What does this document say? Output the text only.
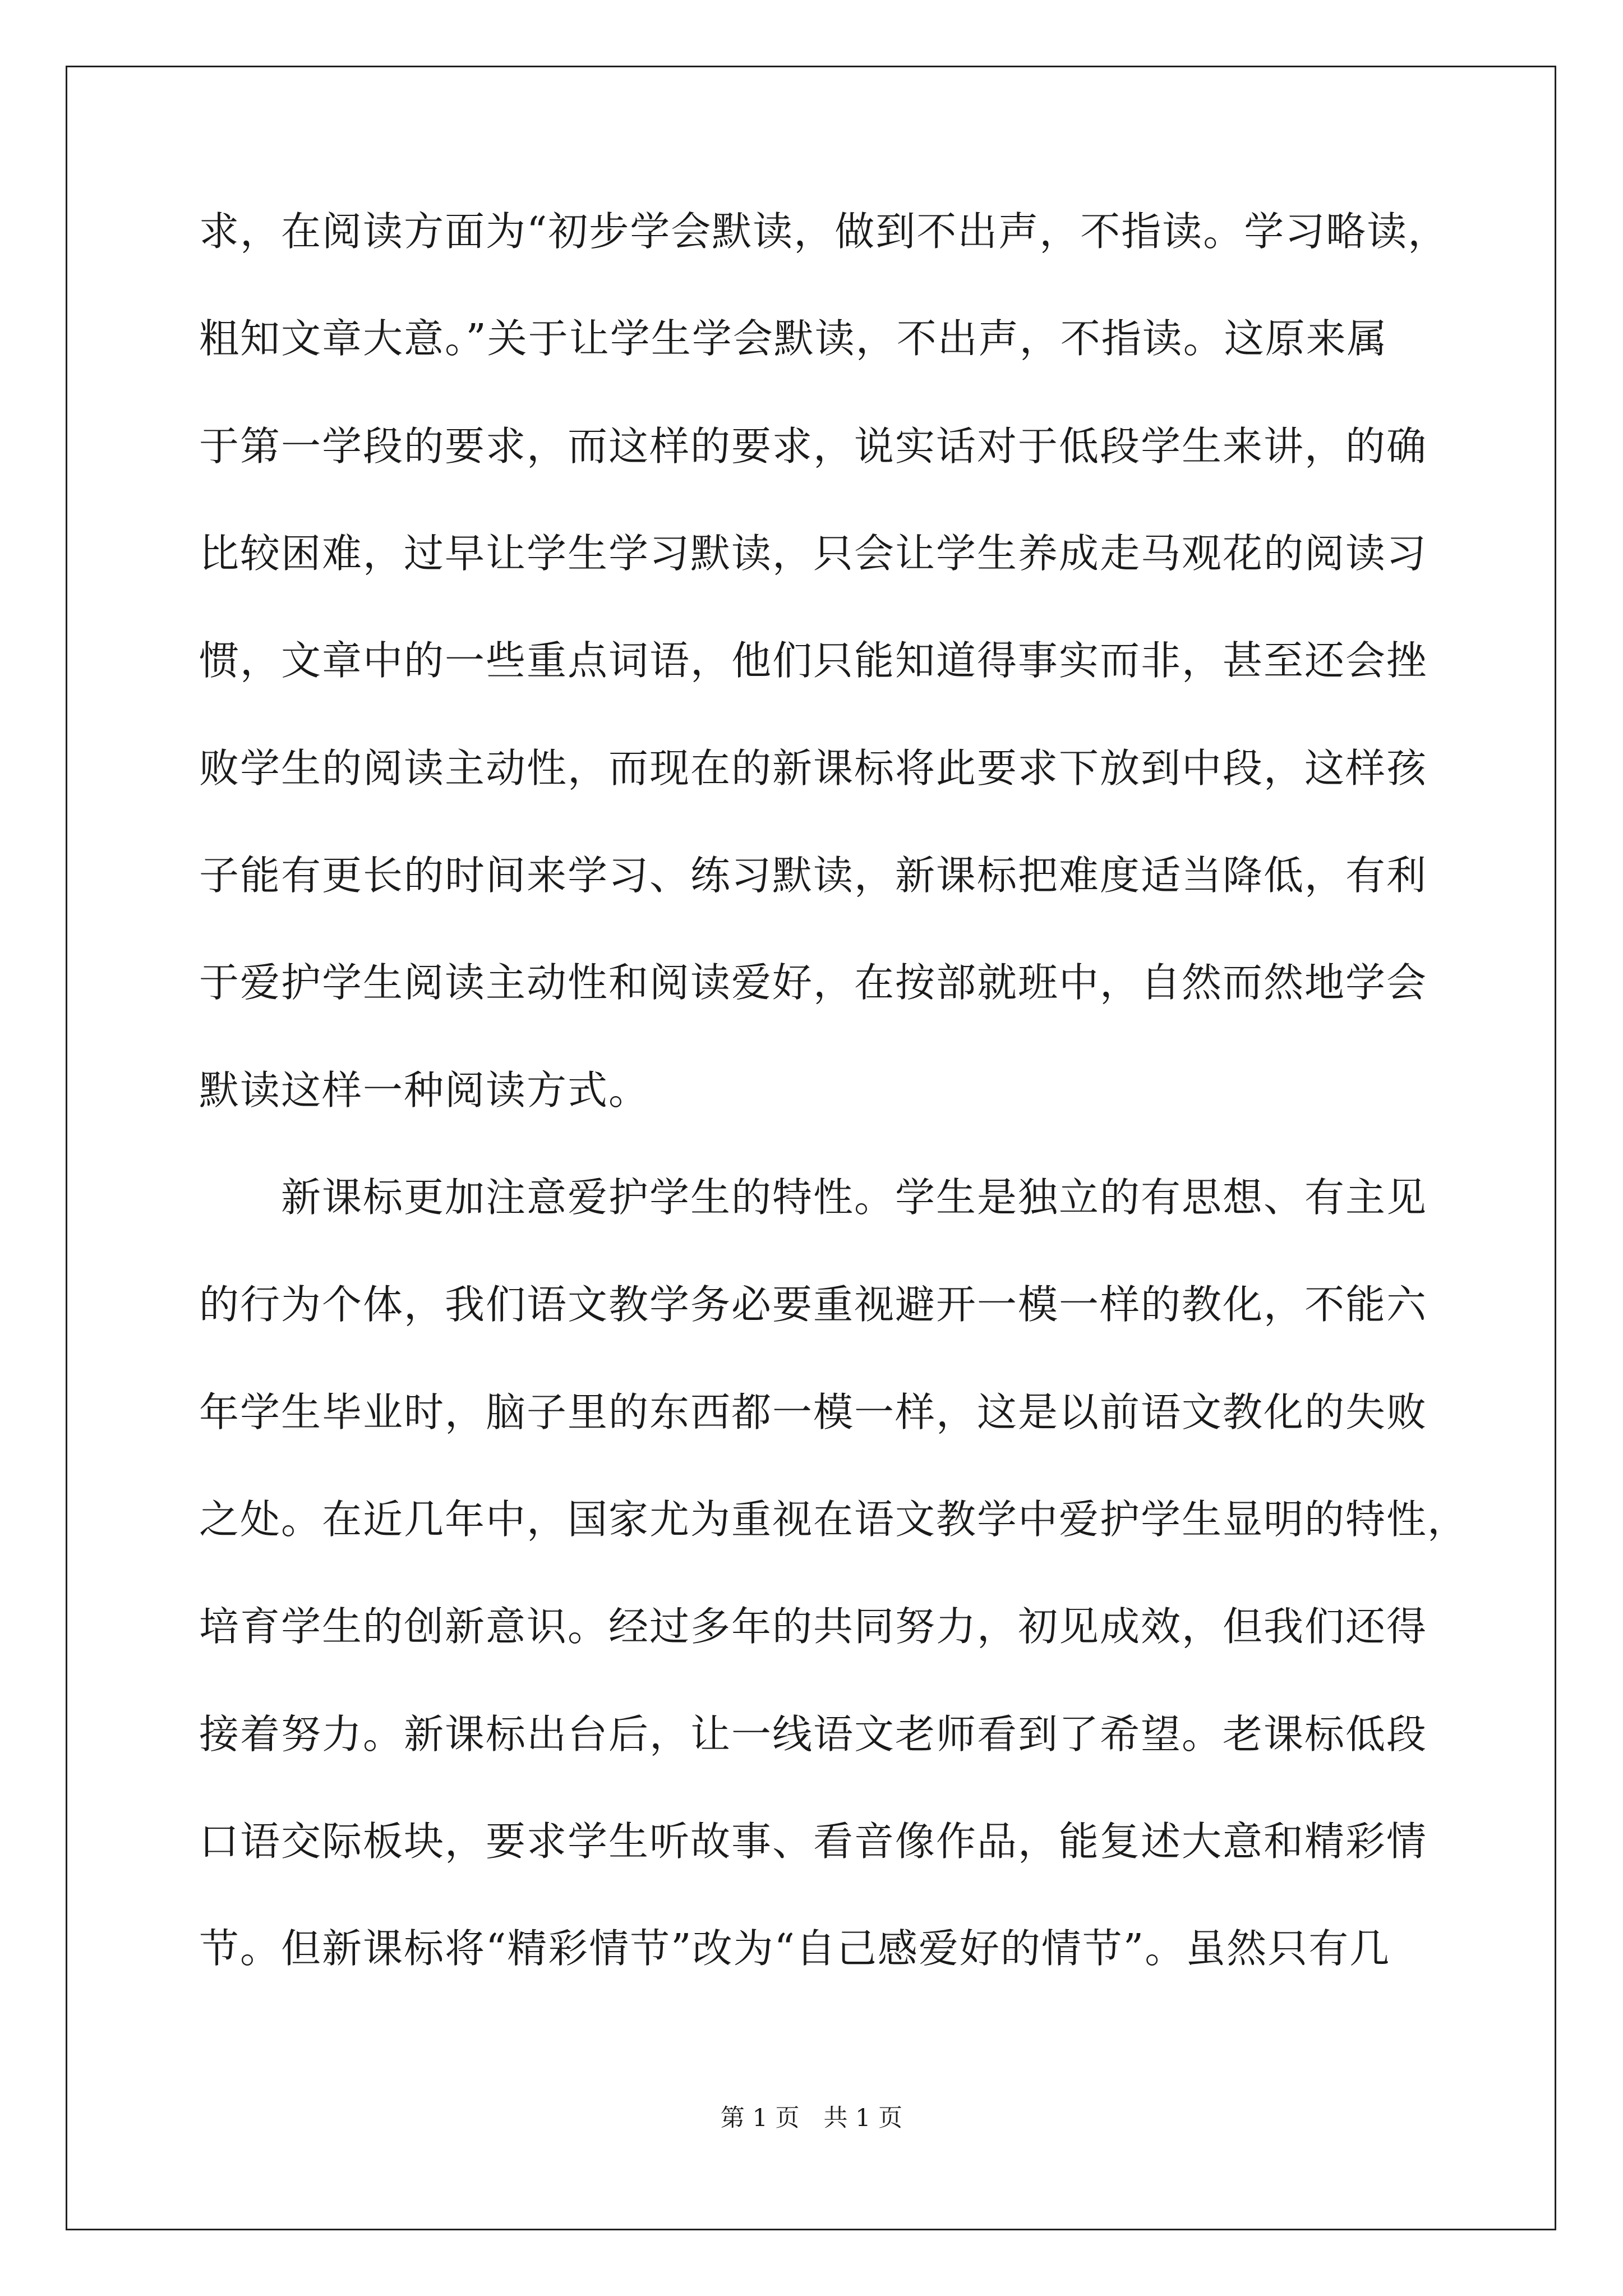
求，在阅读方面为“初步学会默读，做到不出声，不指读。学习略读，
粗知文章大意。”关于让学生学会默读，不出声，不指读。这原来属
于第一学段的要求，而这样的要求，说实话对于低段学生来讲，的确
比较困难，过早让学生学习默读，只会让学生养成走马观花的阅读习
惯，文章中的一些重点词语，他们只能知道得事实而非，甚至还会挫
败学生的阅读主动性，而现在的新课标将此要求下放到中段，这样孩
子能有更长的时间来学习、练习默读，新课标把难度适当降低，有利
于爱护学生阅读主动性和阅读爱好，在按部就班中，自然而然地学会
默读这样一种阅读方式。
　　新课标更加注意爱护学生的特性。学生是独立的有思想、有主见
的行为个体，我们语文教学务必要重视避开一模一样的教化，不能六
年学生毕业时，脑子里的东西都一模一样，这是以前语文教化的失败
之处。在近几年中，国家尤为重视在语文教学中爱护学生显明的特性，
培育学生的创新意识。经过多年的共同努力，初见成效，但我们还得
接着努力。新课标出台后，让一线语文老师看到了希望。老课标低段
口语交际板块，要求学生听故事、看音像作品，能复述大意和精彩情
节。但新课标将“精彩情节”改为“自己感爱好的情节”。虽然只有几
第 1 页　共 1 页
